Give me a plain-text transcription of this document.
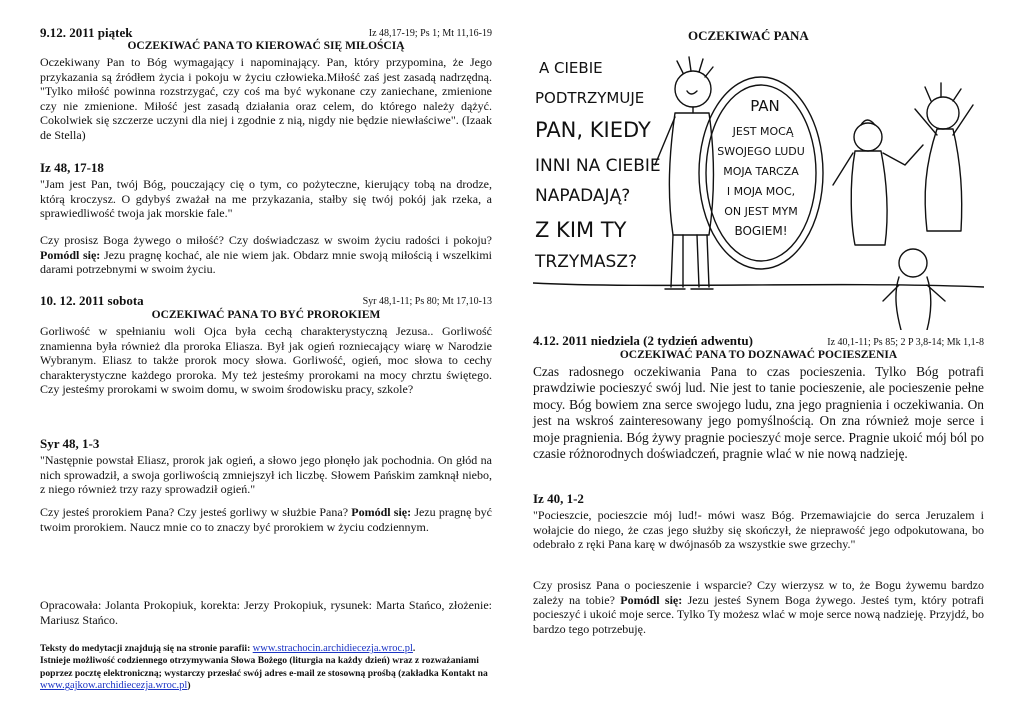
9.12. 2011 piątek	Iz 48,17-19; Ps 1; Mt 11,16-19
OCZEKIWAĆ PANA TO KIEROWAĆ SIĘ MIŁOŚCIĄ
Oczekiwany Pan to Bóg wymagający i napominający. Pan, który przypomina, że Jego przykazania są źródłem życia i pokoju w życiu człowieka.Miłość zaś jest zasadą nadrzędną. "Tylko miłość powinna rozstrzygać, czy coś ma być wykonane czy zaniechane, zmienione czy nie zmienione. Miłość jest zasadą działania oraz celem, do którego należy dążyć. Cokolwiek się szczerze uczyni dla niej i zgodnie z nią, nigdy nie będzie niewłaściwe". (Izaak de Stella)
Iz 48, 17-18
"Jam jest Pan, twój Bóg, pouczający cię o tym, co pożyteczne, kierujący tobą na drodze, którą kroczysz. O gdybyś zważał na me przykazania, stałby się twój pokój jak rzeka, a sprawiedliwość twoja jak morskie fale."
Czy prosisz Boga żywego o miłość? Czy doświadczasz w swoim życiu radości i pokoju? Pomódl się: Jezu pragnę kochać, ale nie wiem jak. Obdarz mnie swoją miłością i wszelkimi darami potrzebnymi w swoim życiu.
10. 12. 2011 sobota	Syr 48,1-11; Ps 80; Mt 17,10-13
OCZEKIWAĆ PANA TO BYĆ PROROKIEM
Gorliwość w spełnianiu woli Ojca była cechą charakterystyczną Jezusa.. Gorliwość znamienna była również dla proroka Eliasza. Był jak ogień rozniecający wiarę w Narodzie Wybranym. Eliasz to także prorok mocy słowa. Gorliwość, ogień, moc słowa to cechy charakterystyczne każdego proroka. My też jesteśmy prorokami na mocy chrztu świętego. Czy jesteśmy prorokami w swoim domu, w swoim środowisku pracy, szkole?
Syr 48, 1-3
"Następnie powstał Eliasz, prorok jak ogień, a słowo jego płonęło jak pochodnia. On głód na nich sprowadził, a swoja gorliwością zmniejszył ich liczbę. Słowem Pańskim zamknął niebo, z niego również trzy razy sprowadził ogień."
Czy jesteś prorokiem Pana? Czy jesteś gorliwy w służbie Pana? Pomódl się: Jezu pragnę być twoim prorokiem. Naucz mnie co to znaczy być prorokiem w życiu codziennym.
Opracowała: Jolanta Prokopiuk, korekta: Jerzy Prokopiuk, rysunek: Marta Stańco, złożenie: Mariusz Stańco.
Teksty do medytacji znajdują się na stronie parafii: www.strachocin.archidiecezja.wroc.pl.
Istnieje możliwość codziennego otrzymywania Słowa Bożego (liturgia na każdy dzień) wraz z rozważaniami poprzez pocztę elektroniczną; wystarczy przesłać swój adres e-mail ze stosowną prośbą (zakładka Kontakt na www.gajkow.archidiecezja.wroc.pl)
OCZEKIWAĆ PANA
A CIEBIE
PODTRZYMUJE
PAN, KIEDY
INNI NA CIEBIE
NAPADAJĄ?
Z KIM TY
TRZYMASZ?
PAN
JEST MOCĄ
SWOJEGO LUDU
MOJA TARCZA
I MOJA MOC,
ON JEST MYM
BOGIEM!
4.12. 2011 niedziela (2 tydzień adwentu)	Iz 40,1-11; Ps 85; 2 P 3,8-14; Mk 1,1-8
OCZEKIWAĆ PANA TO DOZNAWAĆ POCIESZENIA
Czas radosnego oczekiwania Pana to czas pocieszenia. Tylko Bóg potrafi prawdziwie pocieszyć swój lud. Nie jest to tanie pocieszenie, ale pocieszenie pełne mocy. Bóg bowiem zna serce swojego ludu, zna jego pragnienia i oczekiwania. On jest na wskroś zainteresowany jego pomyślnością. On zna również moje serce i moje pragnienia. Bóg żywy pragnie pocieszyć moje serce. Pragnie ukoić mój ból po czasie różnorodnych doświadczeń, pragnie wlać w nie nową nadzieję.
Iz 40, 1-2
"Pocieszcie, pocieszcie mój lud!- mówi wasz Bóg. Przemawiajcie do serca Jeruzalem i wołajcie do niego, że czas jego służby się skończył, że nieprawość jego odpokutowana, bo odebrało z ręki Pana karę w dwójnasób za wszystkie swe grzechy."
Czy prosisz Pana o pocieszenie i wsparcie? Czy wierzysz w to, że Bogu żywemu bardzo zależy na tobie? Pomódl się: Jezu jesteś Synem Boga żywego. Jesteś tym, który potrafi pocieszyć i ukoić moje serce. Tylko Ty możesz wlać w moje serce nową nadzieję. Przyjdź, bo bardzo tego potrzebuję.
